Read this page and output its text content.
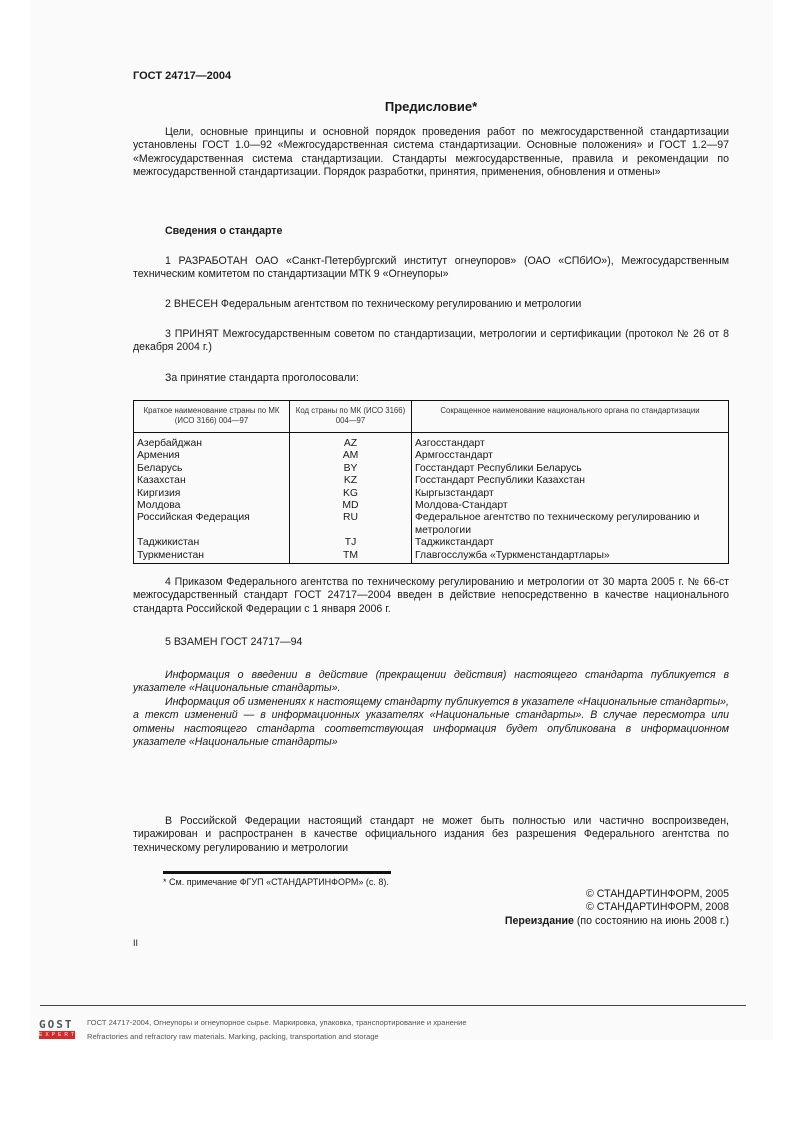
ГОСТ 24717—2004
Предисловие*

Цели, основные принципы и основной порядок проведения работ по межгосударственной стандартизации установлены ГОСТ 1.0—92 «Межгосударственная система стандартизации. Основные положения» и ГОСТ 1.2—97 «Межгосударственная система стандартизации. Стандарты межгосударственные, правила и рекомендации по межгосударственной стандартизации. Порядок разработки, принятия, применения, обновления и отмены»

Сведения о стандарте

1 РАЗРАБОТАН ОАО «Санкт-Петербургский институт огнеупоров» (ОАО «СПбИО»), Межгосударственным техническим комитетом по стандартизации МТК 9 «Огнеупоры»

2 ВНЕСЕН Федеральным агентством по техническому регулированию и метрологии

3 ПРИНЯТ Межгосударственным советом по стандартизации, метрологии и сертификации (протокол № 26 от 8 декабря 2004 г.)

За принятие стандарта проголосовали:

Краткое наименование страны по МК (ИСО 3166) 004—97	Код страны по МК (ИСО 3166) 004—97	Сокращенное наименование национального органа по стандартизации
Азербайджан	AZ	Азгосстандарт
Армения	AM	Армгосстандарт
Беларусь	BY	Госстандарт Республики Беларусь
Казахстан	KZ	Госстандарт Республики Казахстан
Киргизия	KG	Кыргызстандарт
Молдова	MD	Молдова-Стандарт
Российская Федерация	RU	Федеральное агентство по техническому регулированию и метрологии
Таджикистан	TJ	Таджикстандарт
Туркменистан	TM	Главгосслужба «Туркменстандартлары»

4 Приказом Федерального агентства по техническому регулированию и метрологии от 30 марта 2005 г. № 66-ст межгосударственный стандарт ГОСТ 24717—2004 введен в действие непосредственно в качестве национального стандарта Российской Федерации с 1 января 2006 г.

5 ВЗАМЕН ГОСТ 24717—94

Информация о введении в действие (прекращении действия) настоящего стандарта публикуется в указателе «Национальные стандарты».

Информация об изменениях к настоящему стандарту публикуется в указателе «Национальные стандарты», а текст изменений — в информационных указателях «Национальные стандарты». В случае пересмотра или отмены настоящего стандарта соответствующая информация будет опубликована в информационном указателе «Национальные стандарты»

В Российской Федерации настоящий стандарт не может быть полностью или частично воспроизведен, тиражирован и распространен в качестве официального издания без разрешения Федерального агентства по техническому регулированию и метрологии

* См. примечание ФГУП «СТАНДАРТИНФОРМ» (с. 8).
© СТАНДАРТИНФОРМ, 2005
© СТАНДАРТИНФОРМ, 2008
Переиздание (по состоянию на июнь 2008 г.)
II
GOST
EXPERT
ГОСТ 24717-2004, Огнеупоры и огнеупорное сырье. Маркировка, упаковка, транспортирование и хранение
Refractories and refractory raw materials. Marking, packing, transportation and storage
